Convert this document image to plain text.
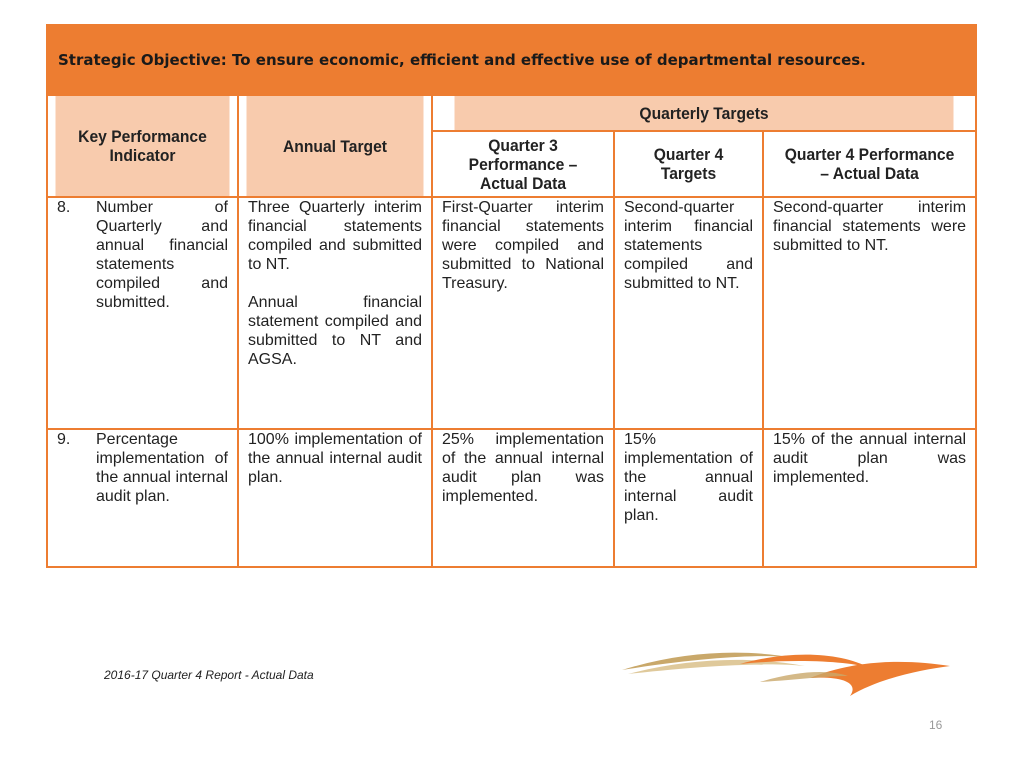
Strategic Objective: To ensure economic, efficient and effective use of departmental resources.				

Key Performance Indicator	Annual Target	Quarterly Targets		

		Quarter 3 Performance – Actual Data	Quarter 4 Targets	Quarter 4 Performance – Actual Data

8. Number of Quarterly and annual financial statements compiled and submitted.	Three Quarterly interim financial statements compiled and submitted to NT.
Annual financial statement compiled and submitted to NT and AGSA.	First-Quarter interim financial statements were compiled and submitted to National Treasury.	Second-quarter interim financial statements compiled and submitted to NT.	Second-quarter interim financial statements were submitted to NT.

9. Percentage implementation of the annual internal audit plan.	100% implementation of the annual internal audit plan.	25% implementation of the annual internal audit plan was implemented.	15% implementation of the annual internal audit plan.	15% of the annual internal audit plan was implemented.
2016-17 Quarter 4 Report - Actual Data
16
